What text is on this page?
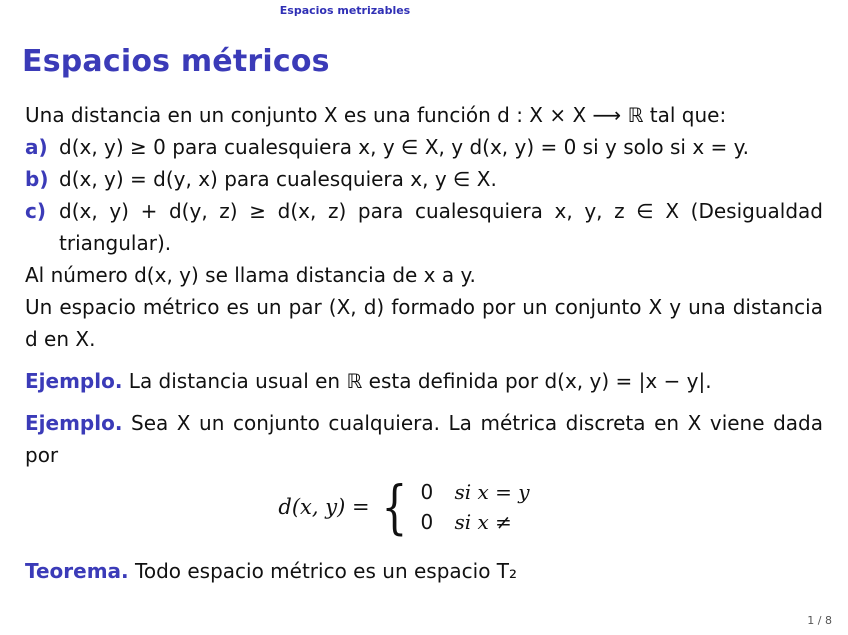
Espacios metrizables
Espacios métricos
Una distancia en un conjunto X es una función d : X × X ⟶ ℝ tal que:
a) d(x, y) ≥ 0 para cualesquiera x, y ∈ X, y d(x, y) = 0 si y solo si x = y.
b) d(x, y) = d(y, x) para cualesquiera x, y ∈ X.
c) d(x, y) + d(y, z) ≥ d(x, z) para cualesquiera x, y, z ∈ X (Desigualdad triangular).
Al número d(x, y) se llama distancia de x a y.
Un espacio métrico es un par (X, d) formado por un conjunto X y una distancia d en X.
Ejemplo. La distancia usual en ℝ esta definida por d(x, y) = |x − y|.
Ejemplo. Sea X un conjunto cualquiera. La métrica discreta en X viene dada por
d(x, y) = { 0	si x = y
0	si x ≠
Teorema. Todo espacio métrico es un espacio T₂
1 / 8
